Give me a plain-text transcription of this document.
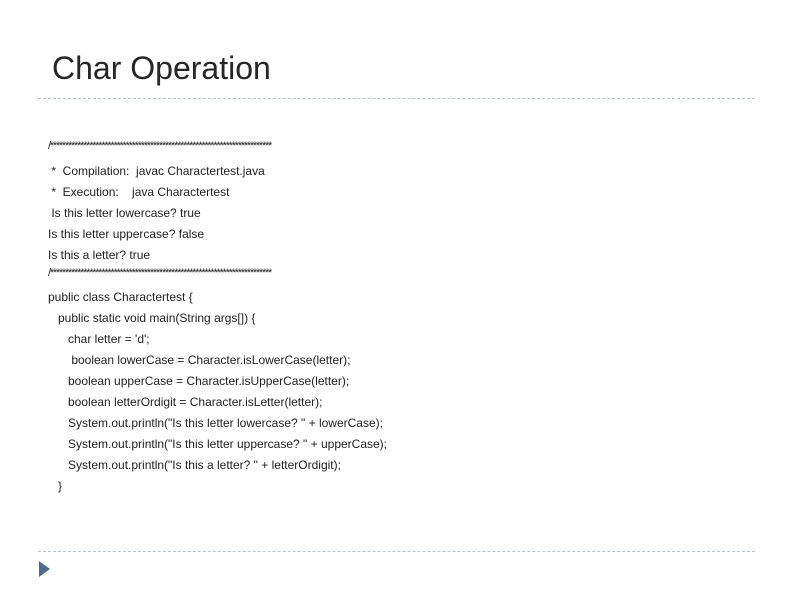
Char Operation
/*************************************************************************
*  Compilation:  javac Charactertest.java
*  Execution:    java Charactertest
Is this letter lowercase? true
Is this letter uppercase? false
Is this a letter? true
/*************************************************************************
public class Charactertest {
public static void main(String args[]) {
char letter = 'd';
boolean lowerCase = Character.isLowerCase(letter);
boolean upperCase = Character.isUpperCase(letter);
boolean letterOrdigit = Character.isLetter(letter);
System.out.println("Is this letter lowercase? " + lowerCase);
System.out.println("Is this letter uppercase? " + upperCase);
System.out.println("Is this a letter? " + letterOrdigit);
}
